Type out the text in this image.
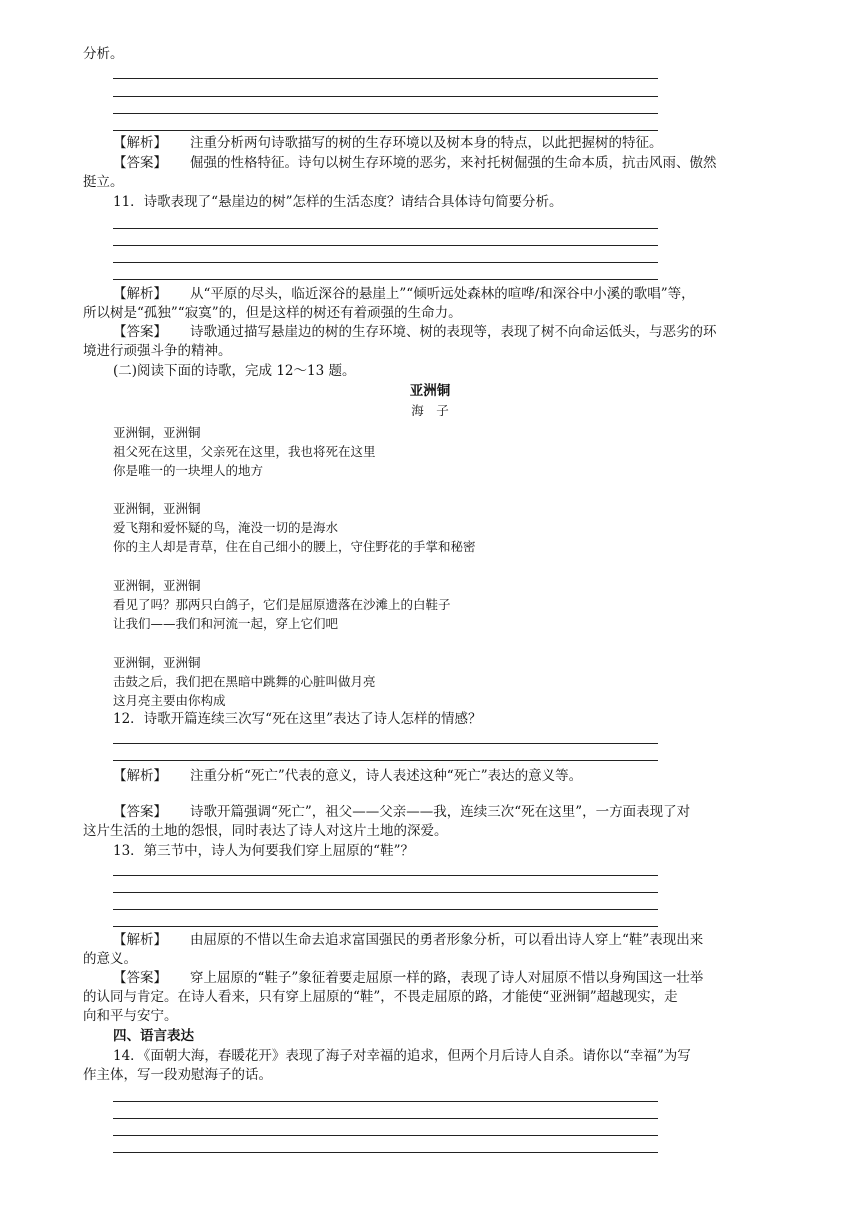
分析。
【解析】 注重分析两句诗歌描写的树的生存环境以及树本身的特点，以此把握树的特征。
【答案】 倔强的性格特征。诗句以树生存环境的恶劣，来衬托树倔强的生命本质，抗击风雨、傲然
挺立。
11．诗歌表现了“悬崖边的树”怎样的生活态度？请结合具体诗句简要分析。
【解析】 从“平原的尽头，临近深谷的悬崖上”“倾听远处森林的喧哗/和深谷中小溪的歌唱”等，
所以树是“孤独”“寂寞”的，但是这样的树还有着顽强的生命力。
【答案】 诗歌通过描写悬崖边的树的生存环境、树的表现等，表现了树不向命运低头，与恶劣的环
境进行顽强斗争的精神。
(二)阅读下面的诗歌，完成 12～13 题。
亚洲铜
海　子
亚洲铜，亚洲铜
祖父死在这里，父亲死在这里，我也将死在这里
你是唯一的一块埋人的地方
亚洲铜，亚洲铜
爱飞翔和爱怀疑的鸟，淹没一切的是海水
你的主人却是青草，住在自己细小的腰上，守住野花的手掌和秘密
亚洲铜，亚洲铜
看见了吗？那两只白鸽子，它们是屈原遗落在沙滩上的白鞋子
让我们——我们和河流一起，穿上它们吧
亚洲铜，亚洲铜
击鼓之后，我们把在黑暗中跳舞的心脏叫做月亮
这月亮主要由你构成
12．诗歌开篇连续三次写“死在这里”表达了诗人怎样的情感？
【解析】 注重分析“死亡”代表的意义，诗人表述这种“死亡”表达的意义等。
【答案】 诗歌开篇强调“死亡”，祖父——父亲——我，连续三次“死在这里”，一方面表现了对
这片生活的土地的怨恨，同时表达了诗人对这片土地的深爱。
13．第三节中，诗人为何要我们穿上屈原的“鞋”？
【解析】 由屈原的不惜以生命去追求富国强民的勇者形象分析，可以看出诗人穿上“鞋”表现出来
的意义。
【答案】 穿上屈原的“鞋子”象征着要走屈原一样的路，表现了诗人对屈原不惜以身殉国这一壮举
的认同与肯定。在诗人看来，只有穿上屈原的“鞋”，不畏走屈原的路，才能使“亚洲铜”超越现实，走
向和平与安宁。
四、语言表达
14．《面朝大海，春暖花开》表现了海子对幸福的追求，但两个月后诗人自杀。请你以“幸福”为写
作主体，写一段劝慰海子的话。
